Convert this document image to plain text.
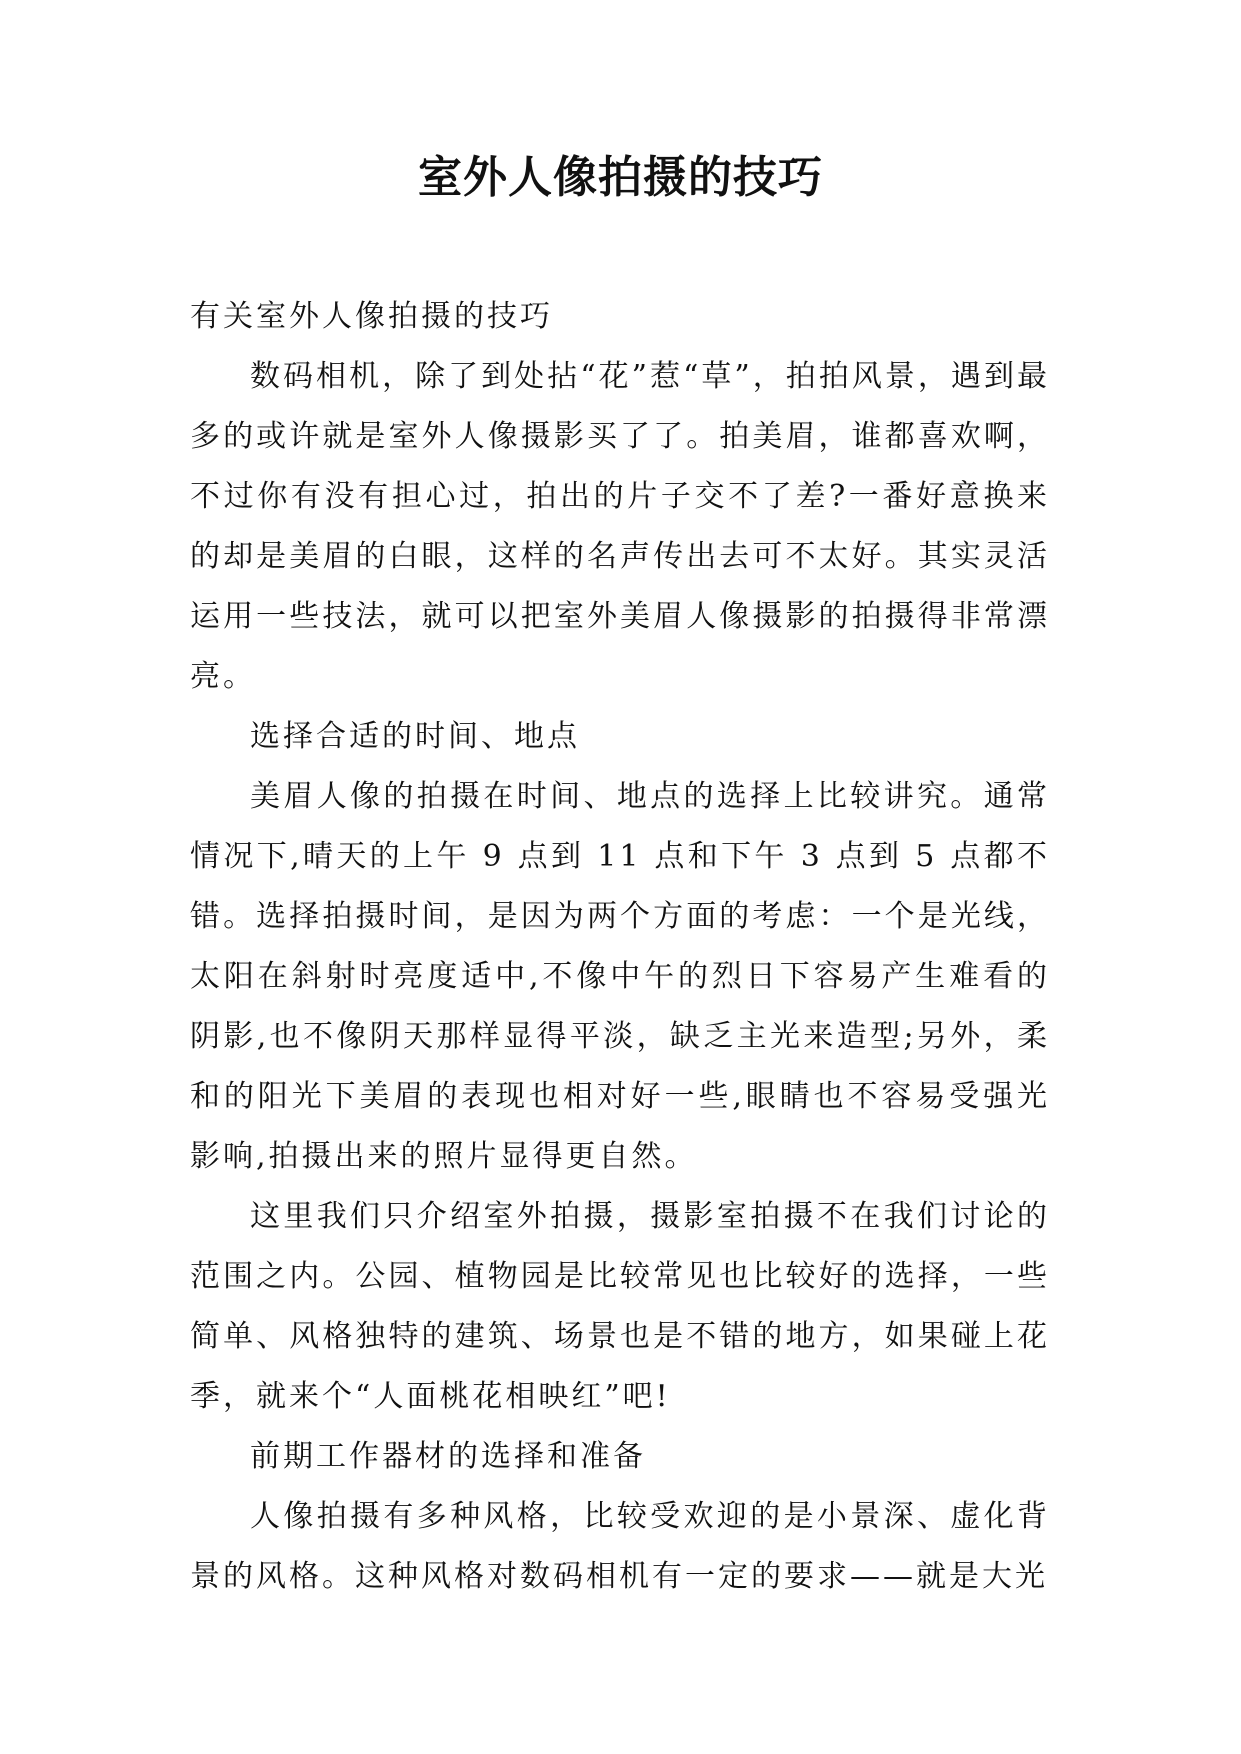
室外人像拍摄的技巧

有关室外人像拍摄的技巧

数码相机，除了到处拈“花”惹“草”，拍拍风景，遇到最多的或许就是室外人像摄影买了了。拍美眉，谁都喜欢啊，不过你有没有担心过，拍出的片子交不了差?一番好意换来的却是美眉的白眼，这样的名声传出去可不太好。其实灵活运用一些技法，就可以把室外美眉人像摄影的拍摄得非常漂亮。

选择合适的时间、地点

美眉人像的拍摄在时间、地点的选择上比较讲究。通常情况下,晴天的上午 9 点到 11 点和下午 3 点到 5 点都不错。选择拍摄时间，是因为两个方面的考虑：一个是光线，太阳在斜射时亮度适中,不像中午的烈日下容易产生难看的阴影,也不像阴天那样显得平淡，缺乏主光来造型;另外，柔和的阳光下美眉的表现也相对好一些,眼睛也不容易受强光影响,拍摄出来的照片显得更自然。

这里我们只介绍室外拍摄，摄影室拍摄不在我们讨论的范围之内。公园、植物园是比较常见也比较好的选择，一些简单、风格独特的建筑、场景也是不错的地方，如果碰上花季，就来个“人面桃花相映红”吧!

前期工作器材的选择和准备

人像拍摄有多种风格，比较受欢迎的是小景深、虚化背景的风格。这种风格对数码相机有一定的要求——就是大光
